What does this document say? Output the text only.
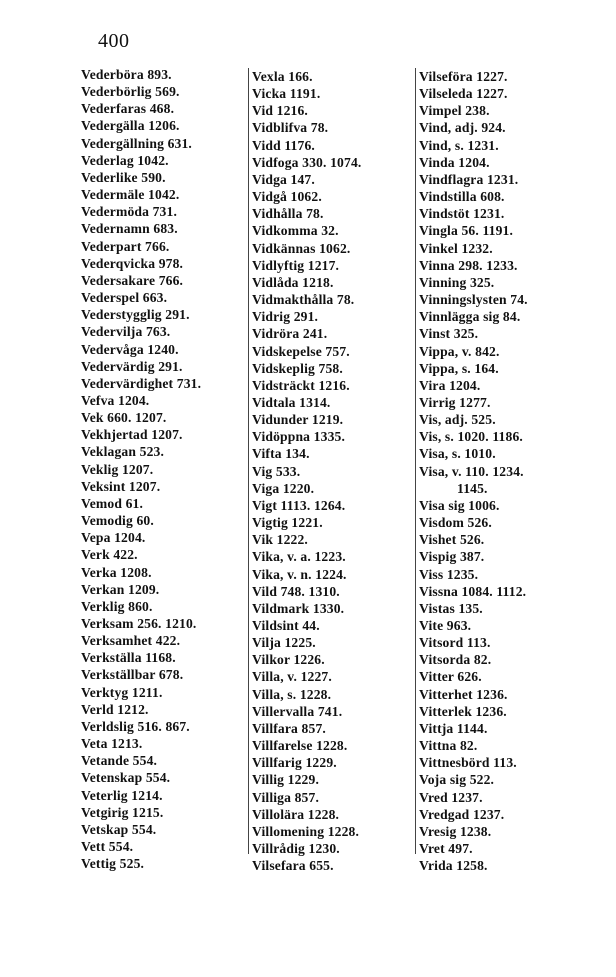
400
Vederböra 893.
Vederbörlig 569.
Vederfaras 468.
Vedergälla 1206.
Vedergällning 631.
Vederlag 1042.
Vederlike 590.
Vedermäle 1042.
Vedermöda 731.
Vedernamn 683.
Vederpart 766.
Vederqvicka 978.
Vedersakare 766.
Vederspel 663.
Vederstygglig 291.
Vedervilja 763.
Vedervåga 1240.
Vedervärdig 291.
Vedervärdighet 731.
Vefva 1204.
Vek 660. 1207.
Vekhjertad 1207.
Veklagan 523.
Veklig 1207.
Veksint 1207.
Vemod 61.
Vemodig 60.
Vepa 1204.
Verk 422.
Verka 1208.
Verkan 1209.
Verklig 860.
Verksam 256. 1210.
Verksamhet 422.
Verkställa 1168.
Verkställbar 678.
Verktyg 1211.
Verld 1212.
Verldslig 516. 867.
Veta 1213.
Vetande 554.
Vetenskap 554.
Veterlig 1214.
Vetgirig 1215.
Vetskap 554.
Vett 554.
Vettig 525.
Vexla 166.
Vicka 1191.
Vid 1216.
Vidblifva 78.
Vidd 1176.
Vidfoga 330. 1074.
Vidga 147.
Vidgå 1062.
Vidhålla 78.
Vidkomma 32.
Vidkännas 1062.
Vidlyftig 1217.
Vidlåda 1218.
Vidmakthålla 78.
Vidrig 291.
Vidröra 241.
Vidskepelse 757.
Vidskeplig 758.
Vidsträckt 1216.
Vidtala 1314.
Vidunder 1219.
Vidöppna 1335.
Vifta 134.
Vig 533.
Viga 1220.
Vigt 1113. 1264.
Vigtig 1221.
Vik 1222.
Vika, v. a. 1223.
Vika, v. n. 1224.
Vild 748. 1310.
Vildmark 1330.
Vildsint 44.
Vilja 1225.
Vilkor 1226.
Villa, v. 1227.
Villa, s. 1228.
Villervalla 741.
Villfara 857.
Villfarelse 1228.
Villfarig 1229.
Villig 1229.
Villiga 857.
Villolära 1228.
Villomening 1228.
Villrådig 1230.
Vilsefara 655.
Vilseföra 1227.
Vilseleda 1227.
Vimpel 238.
Vind, adj. 924.
Vind, s. 1231.
Vinda 1204.
Vindflagra 1231.
Vindstilla 608.
Vindstöt 1231.
Vingla 56. 1191.
Vinkel 1232.
Vinna 298. 1233.
Vinning 325.
Vinningslysten 74.
Vinnlägga sig 84.
Vinst 325.
Vippa, v. 842.
Vippa, s. 164.
Vira 1204.
Virrig 1277.
Vis, adj. 525.
Vis, s. 1020. 1186.
Visa, s. 1010.
Visa, v. 110. 1234.
1145.
Visa sig 1006.
Visdom 526.
Vishet 526.
Vispig 387.
Viss 1235.
Vissna 1084. 1112.
Vistas 135.
Vite 963.
Vitsord 113.
Vitsorda 82.
Vitter 626.
Vitterhet 1236.
Vitterlek 1236.
Vittja 1144.
Vittna 82.
Vittnesbörd 113.
Voja sig 522.
Vred 1237.
Vredgad 1237.
Vresig 1238.
Vret 497.
Vrida 1258.
